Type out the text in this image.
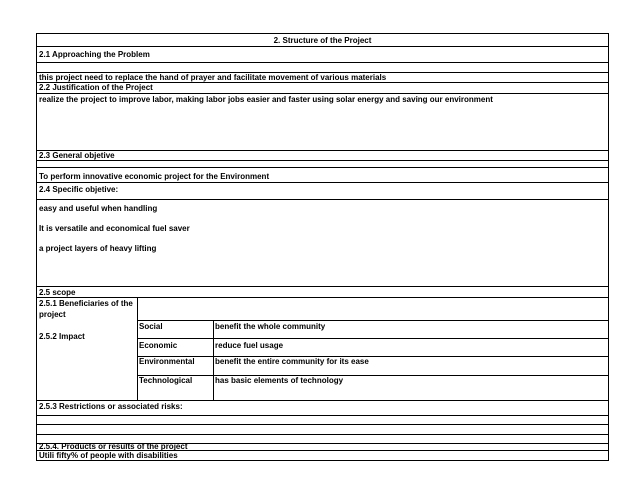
2. Structure of the Project
2.1 Approaching the Problem
this project need to replace the hand of prayer and facilitate movement of various materials
2.2 Justification of the Project
realize the project to improve labor, making labor jobs easier and faster using solar energy and saving our environment
2.3 General objetive
To perform innovative economic project for the Environment
2.4 Specific objetive:
easy and useful when handling
It is versatile and economical fuel saver
a project layers of heavy lifting
2.5 scope
2.5.1 Beneficiaries of the
project
2.5.2 Impact
Social	benefit the whole community
Economic	reduce fuel usage
Environmental	benefit the entire community for its ease
Technological	has basic elements of technology
2.5.3 Restrictions or associated risks:
2.5.4. Products or results of the project
Utili fifty% of people with disabilities
